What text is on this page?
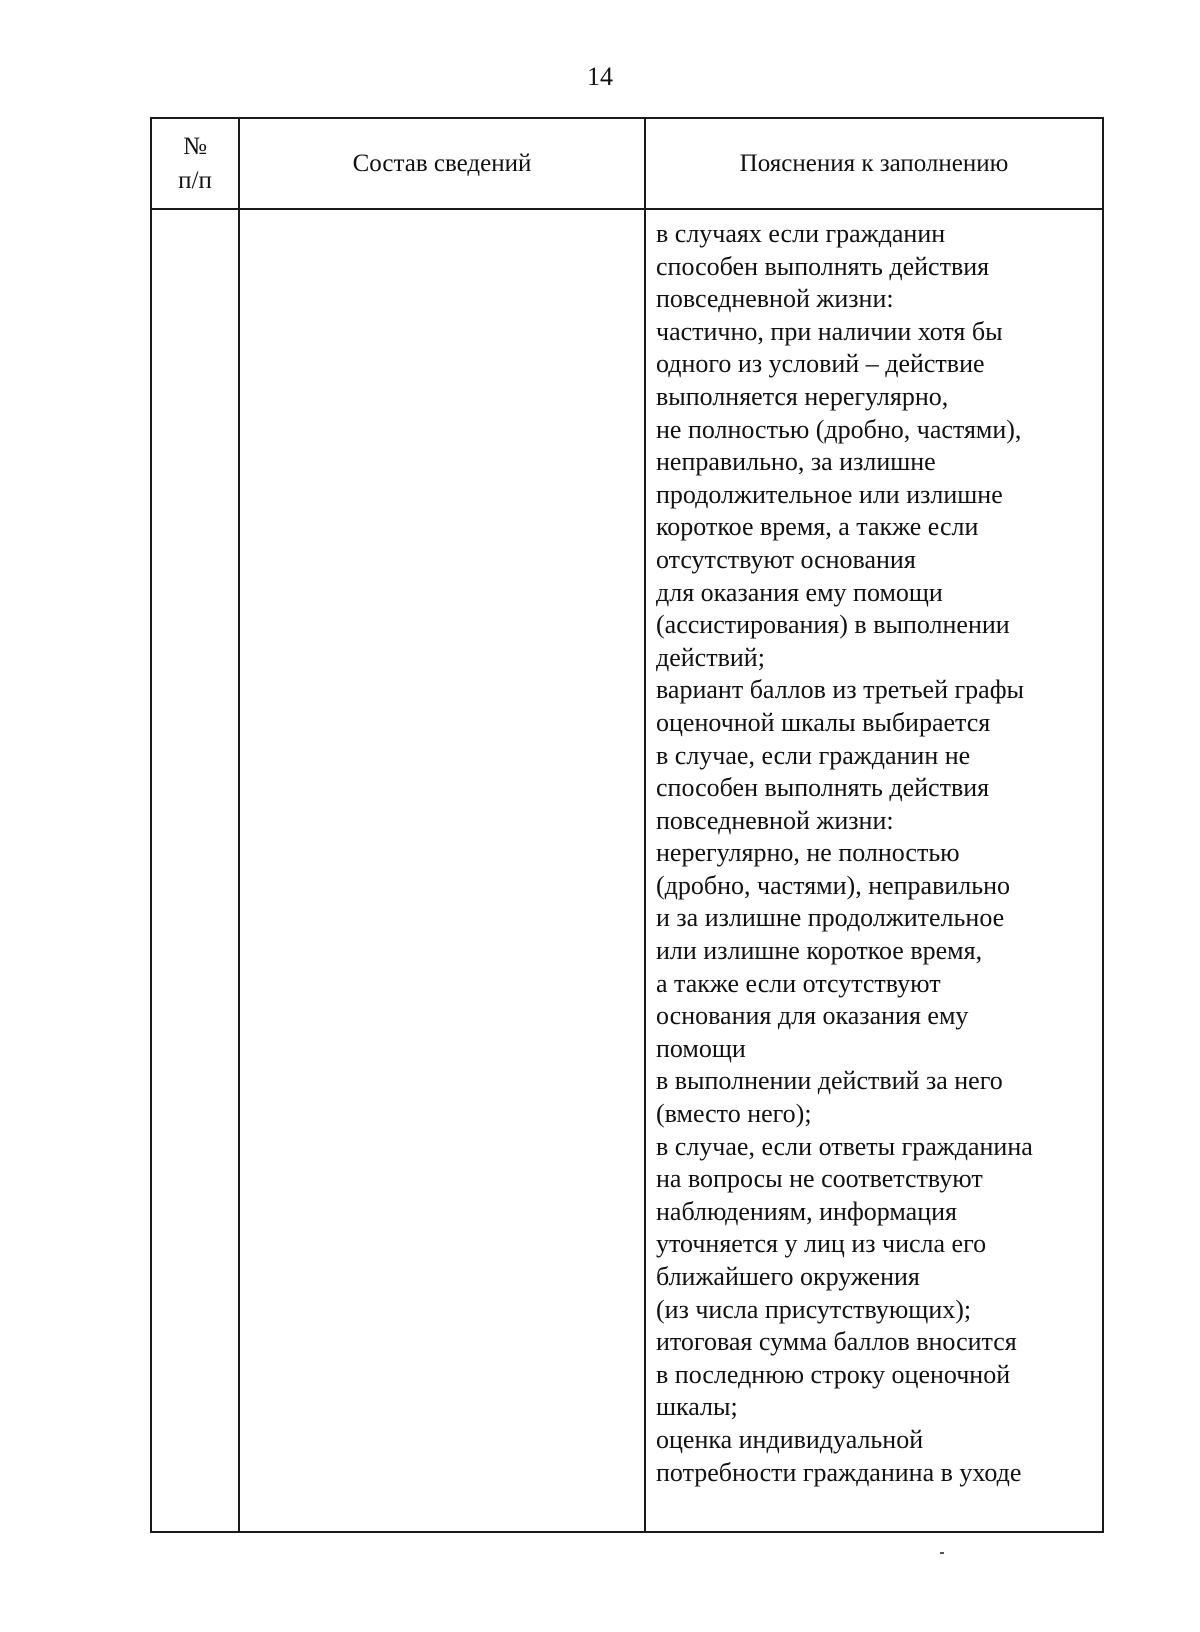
14
№
п/п
Состав сведений	Пояснения к заполнению
в случаях если гражданин
способен выполнять действия
повседневной жизни:
частично, при наличии хотя бы
одного из условий – действие
выполняется нерегулярно,
не полностью (дробно, частями),
неправильно, за излишне
продолжительное или излишне
короткое время, а также если
отсутствуют основания
для оказания ему помощи
(ассистирования) в выполнении
действий;
вариант баллов из третьей графы
оценочной шкалы выбирается
в случае, если гражданин не
способен выполнять действия
повседневной жизни:
нерегулярно, не полностью
(дробно, частями), неправильно
и за излишне продолжительное
или излишне короткое время,
а также если отсутствуют
основания для оказания ему
помощи
в выполнении действий за него
(вместо него);
в случае, если ответы гражданина
на вопросы не соответствуют
наблюдениям, информация
уточняется у лиц из числа его
ближайшего окружения
(из числа присутствующих);
итоговая сумма баллов вносится
в последнюю строку оценочной
шкалы;
оценка индивидуальной
потребности гражданина в уходе
